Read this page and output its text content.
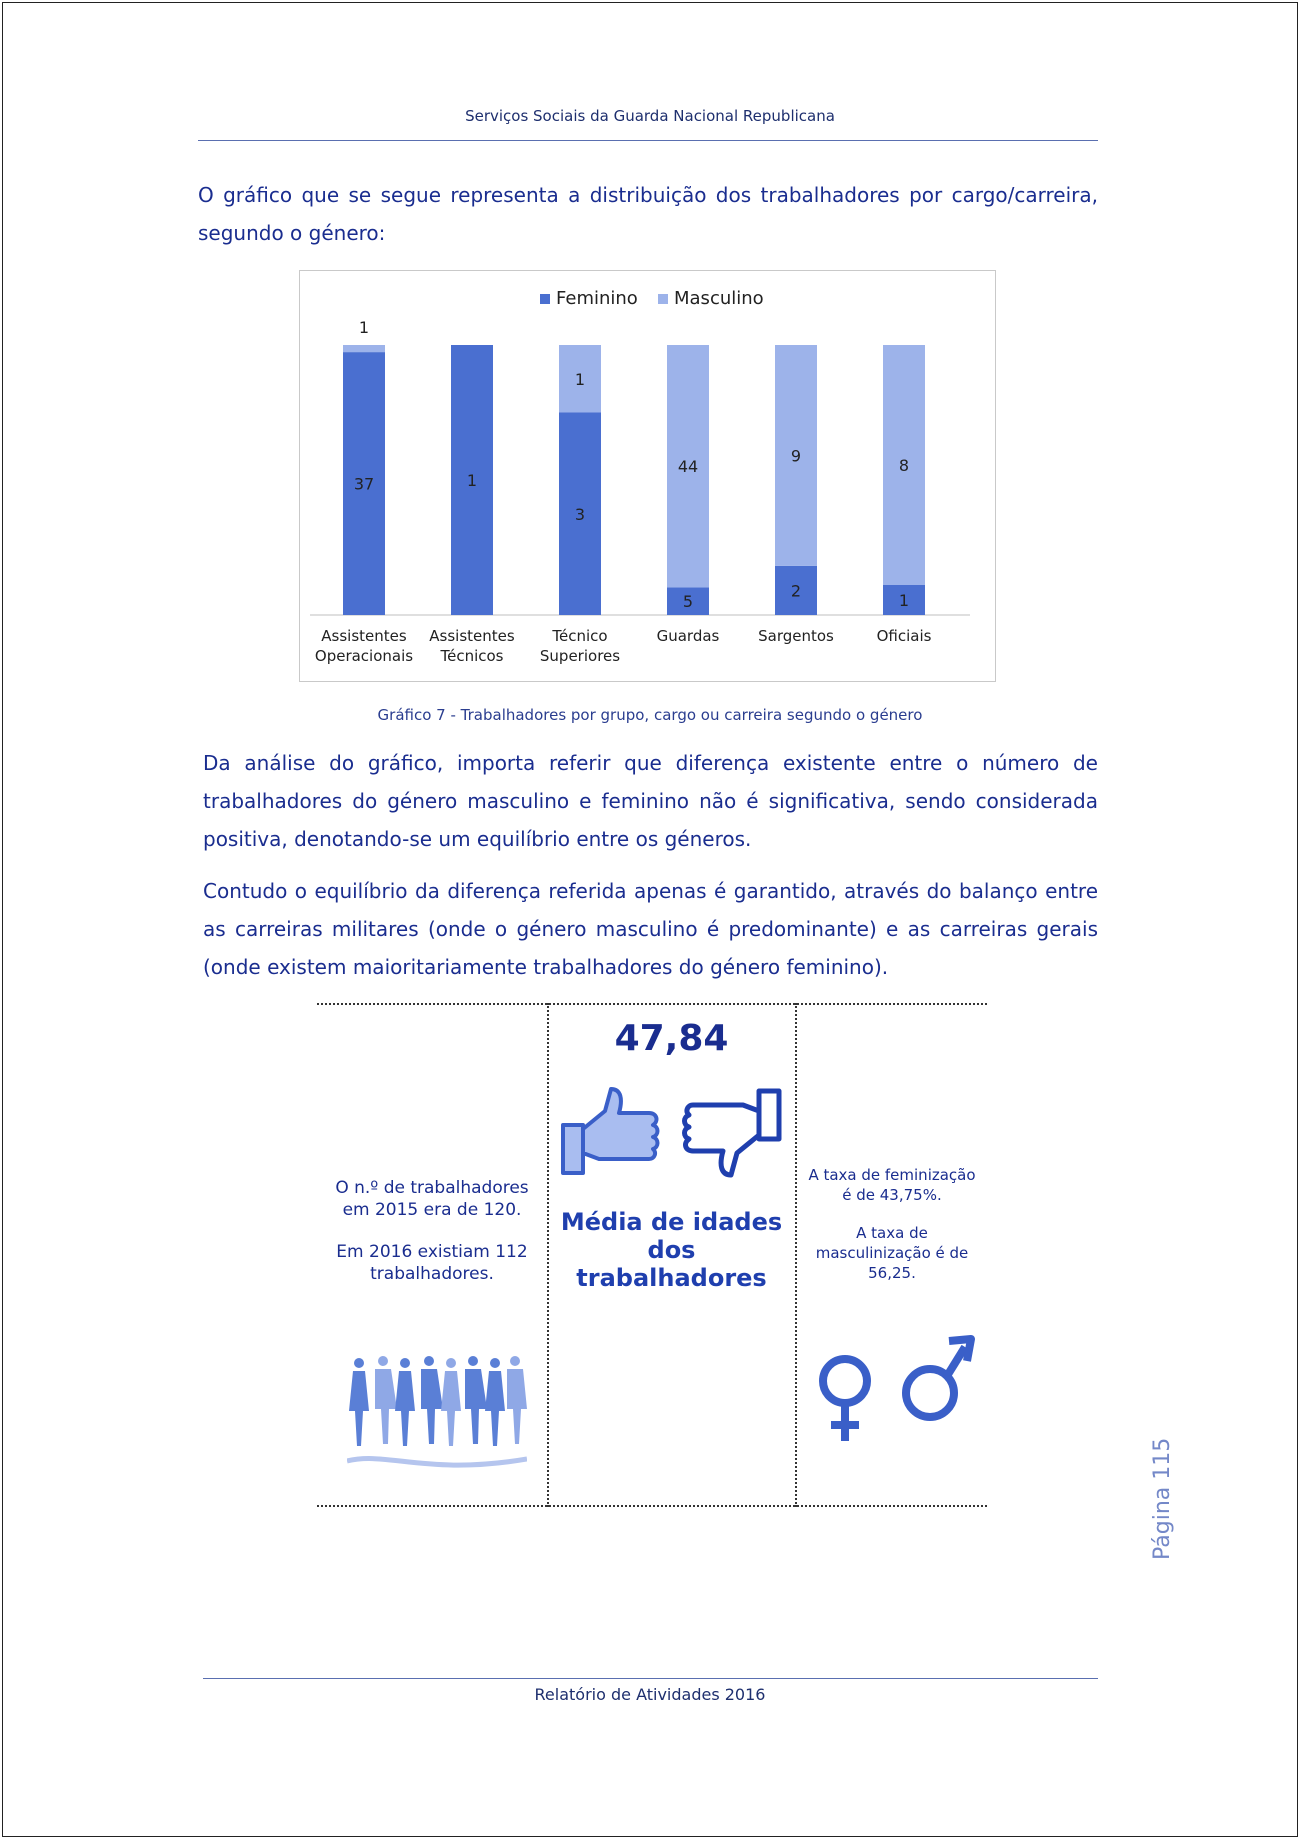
Serviços Sociais da Guarda Nacional Republicana
O gráfico que se segue representa a distribuição dos trabalhadores por cargo/carreira, segundo o género:
Feminino Masculino
37
1
Assistentes
Operacionais
1
Assistentes
Técnicos
3
1
Técnico
Superiores
5
44
Guardas
2
9
Sargentos
1
8
Oficiais
Gráfico 7 - Trabalhadores por grupo, cargo ou carreira segundo o género
Da análise do gráfico, importa referir que diferença existente entre o número de trabalhadores do género masculino e feminino não é significativa, sendo considerada positiva, denotando-se um equilíbrio entre os géneros.
Contudo o equilíbrio da diferença referida apenas é garantido, através do balanço entre as carreiras militares (onde o género masculino é predominante) e as carreiras gerais (onde existem maioritariamente trabalhadores do género feminino).
O n.º de trabalhadores em 2015 era de 120.
Em 2016 existiam 112 trabalhadores.
47,84
Média de idades dos trabalhadores
A taxa de feminização é de 43,75%.
A taxa de masculinização é de 56,25.
Página 115
Relatório de Atividades 2016
